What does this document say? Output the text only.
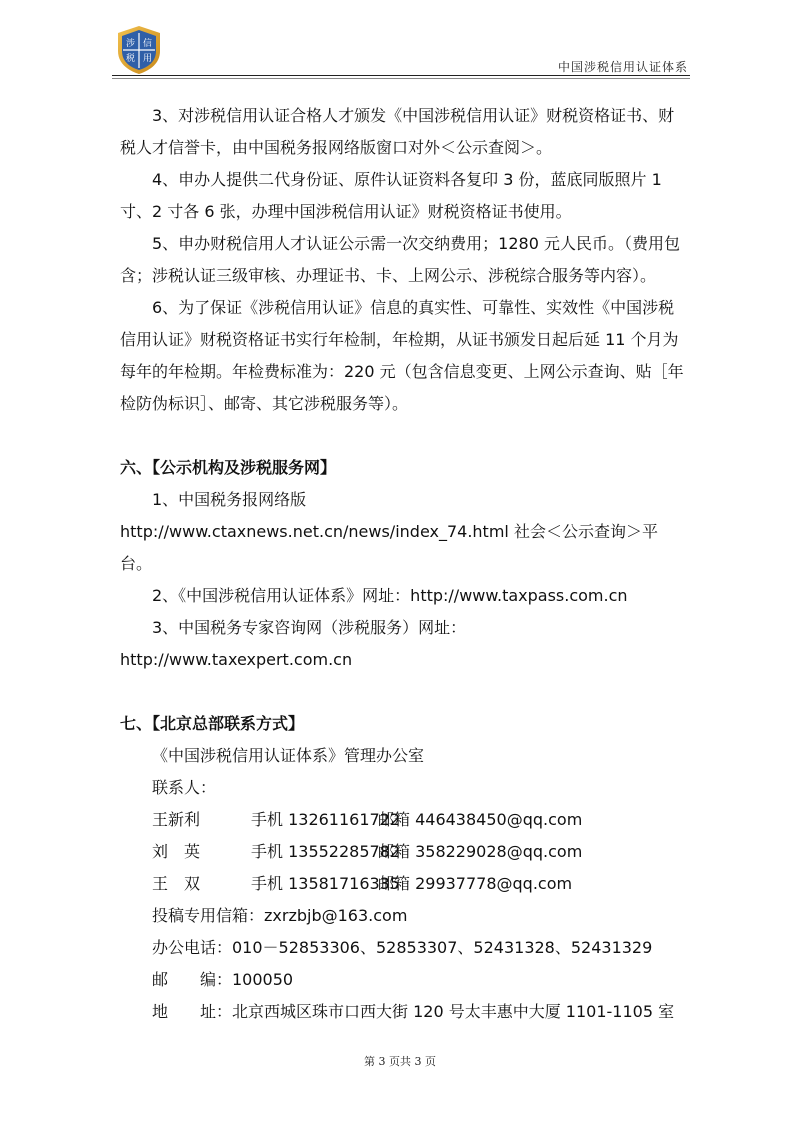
涉 信
税 用
中国涉税信用认证体系

3、对涉税信用认证合格人才颁发《中国涉税信用认证》财税资格证书、财税人才信誉卡，由中国税务报网络版窗口对外＜公示查阅＞。

4、申办人提供二代身份证、原件认证资料各复印 3 份，蓝底同版照片 1 寸、2 寸各 6 张，办理中国涉税信用认证》财税资格证书使用。

5、申办财税信用人才认证公示需一次交纳费用；1280 元人民币。（费用包含；涉税认证三级审核、办理证书、卡、上网公示、涉税综合服务等内容）。

6、为了保证《涉税信用认证》信息的真实性、可靠性、实效性《中国涉税信用认证》财税资格证书实行年检制，年检期，从证书颁发日起后延 11 个月为每年的年检期。年检费标准为：220 元（包含信息变更、上网公示查询、贴［年检防伪标识］、邮寄、其它涉税服务等）。

六、【公示机构及涉税服务网】

1、中国税务报网络版 http://www.ctaxnews.net.cn/news/index_74.html 社会＜公示查询＞平台。

2、《中国涉税信用认证体系》网址：http://www.taxpass.com.cn

3、中国税务专家咨询网（涉税服务）网址：http://www.taxexpert.com.cn

七、【北京总部联系方式】

《中国涉税信用认证体系》管理办公室

联系人：

王新利	手机 13261161722邮箱 446438450@qq.com

刘　英	手机 13552285782邮箱 358229028@qq.com

王　双	手机 13581716335邮箱 29937778@qq.com

投稿专用信箱：zxrzbjb@163.com

办公电话：010－52853306、52853307、52431328、52431329

邮　　编：100050

地　　址：北京西城区珠市口西大街 120 号太丰惠中大厦 1101-1105 室

第 3 页共 3 页
